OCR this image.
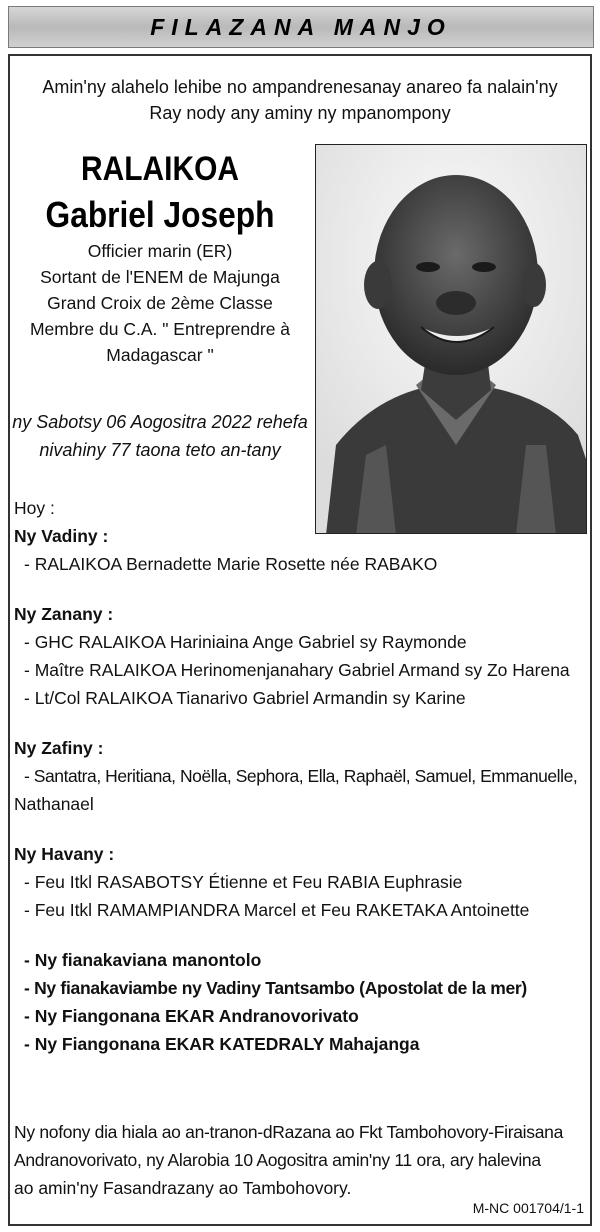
FILAZANA MANJO
Amin'ny alahelo lehibe no ampandrenesanay anareo fa nalain'ny
Ray nody any aminy ny mpanompony
RALAIKOA
Gabriel Joseph
Officier marin (ER)
Sortant de l'ENEM de Majunga
Grand Croix de 2ème Classe
Membre du C.A. " Entreprendre à
Madagascar "
ny Sabotsy 06 Aogositra 2022 rehefa
nivahiny 77 taona teto an-tany
Hoy :
Ny Vadiny :
- RALAIKOA Bernadette Marie Rosette née RABAKO
Ny Zanany :
- GHC RALAIKOA Hariniaina Ange Gabriel sy Raymonde
- Maître RALAIKOA Herinomenjanahary Gabriel Armand sy Zo Harena
- Lt/Col RALAIKOA Tianarivo Gabriel Armandin sy Karine
Ny Zafiny :
- Santatra, Heritiana, Noëlla, Sephora, Ella, Raphaël, Samuel, Emmanuelle,
Nathanael
Ny Havany :
- Feu Itkl RASABOTSY Étienne et Feu RABIA Euphrasie
- Feu Itkl RAMAMPIANDRA Marcel et Feu RAKETAKA Antoinette
- Ny fianakaviana manontolo
- Ny fianakaviambe ny Vadiny Tantsambo (Apostolat de la mer)
- Ny Fiangonana EKAR Andranovorivato
- Ny Fiangonana EKAR KATEDRALY Mahajanga
Ny nofony dia hiala ao an-tranon-dRazana ao Fkt Tambohovory-Firaisana
Andranovorivato, ny Alarobia 10 Aogositra amin'ny 11 ora, ary halevina
ao amin'ny Fasandrazany ao Tambohovory.
M-NC 001704/1-1
